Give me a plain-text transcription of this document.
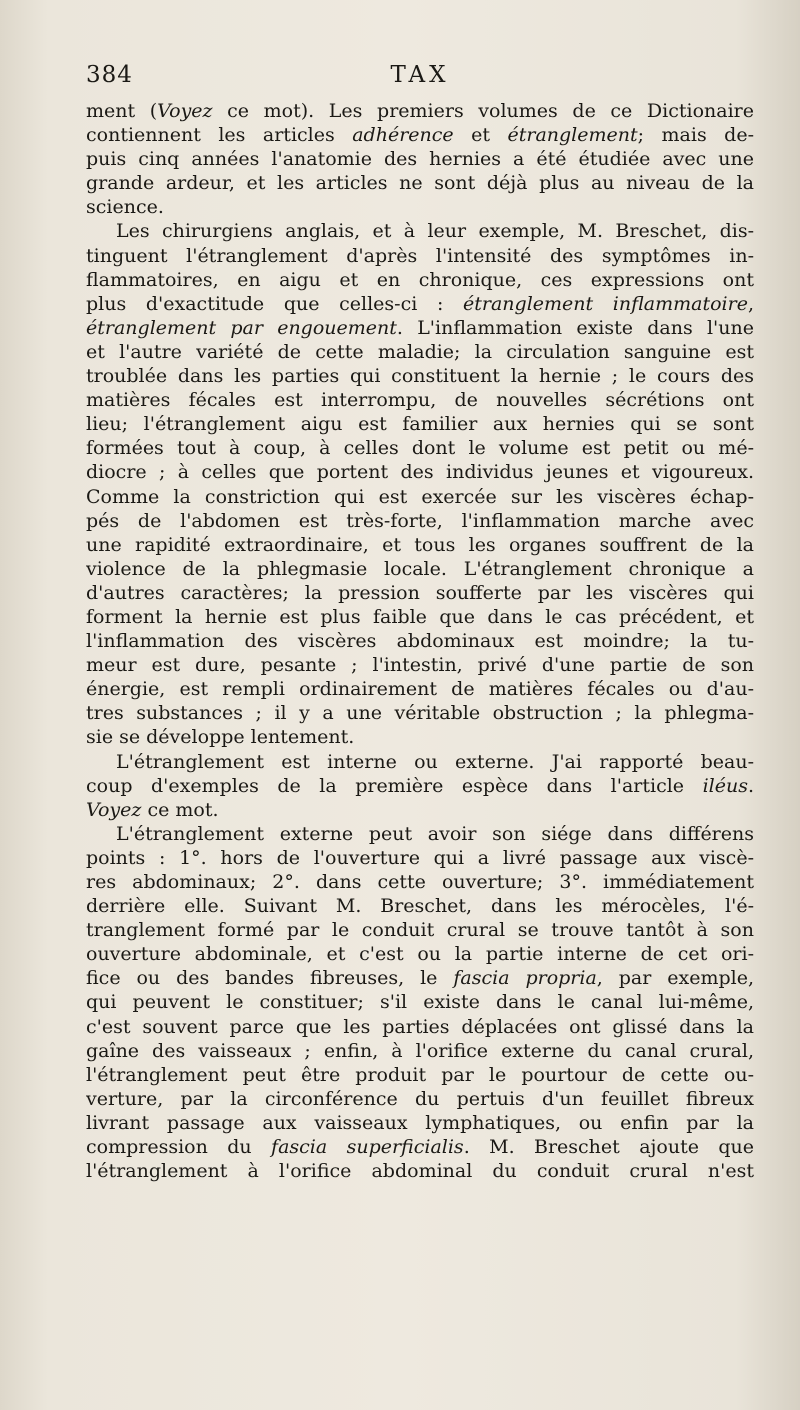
384	TAX
ment (Voyez ce mot). Les premiers volumes de ce Dictionaire
contiennent les articles adhérence et étranglement; mais de-
puis cinq années l'anatomie des hernies a été étudiée avec une
grande ardeur, et les articles ne sont déjà plus au niveau de la
science.
Les chirurgiens anglais, et à leur exemple, M. Breschet, dis-
tinguent l'étranglement d'après l'intensité des symptômes in-
flammatoires, en aigu et en chronique, ces expressions ont
plus d'exactitude que celles-ci : étranglement inflammatoire,
étranglement par engouement. L'inflammation existe dans l'une
et l'autre variété de cette maladie; la circulation sanguine est
troublée dans les parties qui constituent la hernie ; le cours des
matières fécales est interrompu, de nouvelles sécrétions ont
lieu; l'étranglement aigu est familier aux hernies qui se sont
formées tout à coup, à celles dont le volume est petit ou mé-
diocre ; à celles que portent des individus jeunes et vigoureux.
Comme la constriction qui est exercée sur les viscères échap-
pés de l'abdomen est très-forte, l'inflammation marche avec
une rapidité extraordinaire, et tous les organes souffrent de la
violence de la phlegmasie locale. L'étranglement chronique a
d'autres caractères; la pression soufferte par les viscères qui
forment la hernie est plus faible que dans le cas précédent, et
l'inflammation des viscères abdominaux est moindre; la tu-
meur est dure, pesante ; l'intestin, privé d'une partie de son
énergie, est rempli ordinairement de matières fécales ou d'au-
tres substances ; il y a une véritable obstruction ; la phlegma-
sie se développe lentement.
L'étranglement est interne ou externe. J'ai rapporté beau-
coup d'exemples de la première espèce dans l'article iléus.
Voyez ce mot.
L'étranglement externe peut avoir son siége dans différens
points : 1°. hors de l'ouverture qui a livré passage aux viscè-
res abdominaux; 2°. dans cette ouverture; 3°. immédiatement
derrière elle. Suivant M. Breschet, dans les mérocèles, l'é-
tranglement formé par le conduit crural se trouve tantôt à son
ouverture abdominale, et c'est ou la partie interne de cet ori-
fice ou des bandes fibreuses, le fascia propria, par exemple,
qui peuvent le constituer; s'il existe dans le canal lui-même,
c'est souvent parce que les parties déplacées ont glissé dans la
gaîne des vaisseaux ; enfin, à l'orifice externe du canal crural,
l'étranglement peut être produit par le pourtour de cette ou-
verture, par la circonférence du pertuis d'un feuillet fibreux
livrant passage aux vaisseaux lymphatiques, ou enfin par la
compression du fascia superficialis. M. Breschet ajoute que
l'étranglement à l'orifice abdominal du conduit crural n'est
